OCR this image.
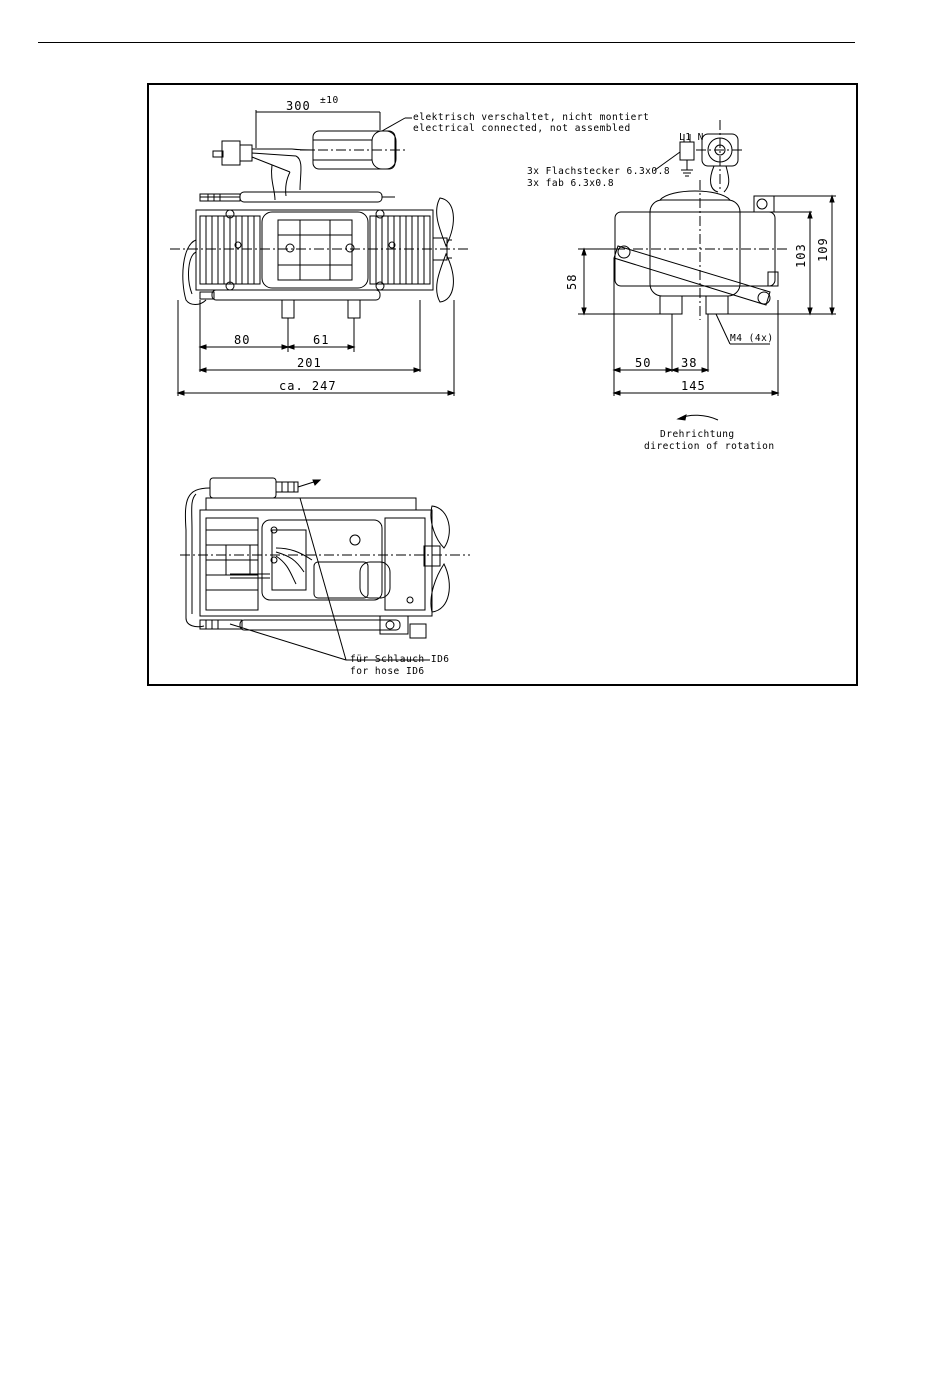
300 ±10
elektrisch verschaltet, nicht montiert
electrical connected, not assembled
L1 N
3x Flachstecker 6.3x0.8
3x fab 6.3x0.8
80	61
201
ca. 247
58
103 109
50 38
145
M4 (4x)
Drehrichtung
direction of rotation
für Schlauch ID6
for hose ID6
